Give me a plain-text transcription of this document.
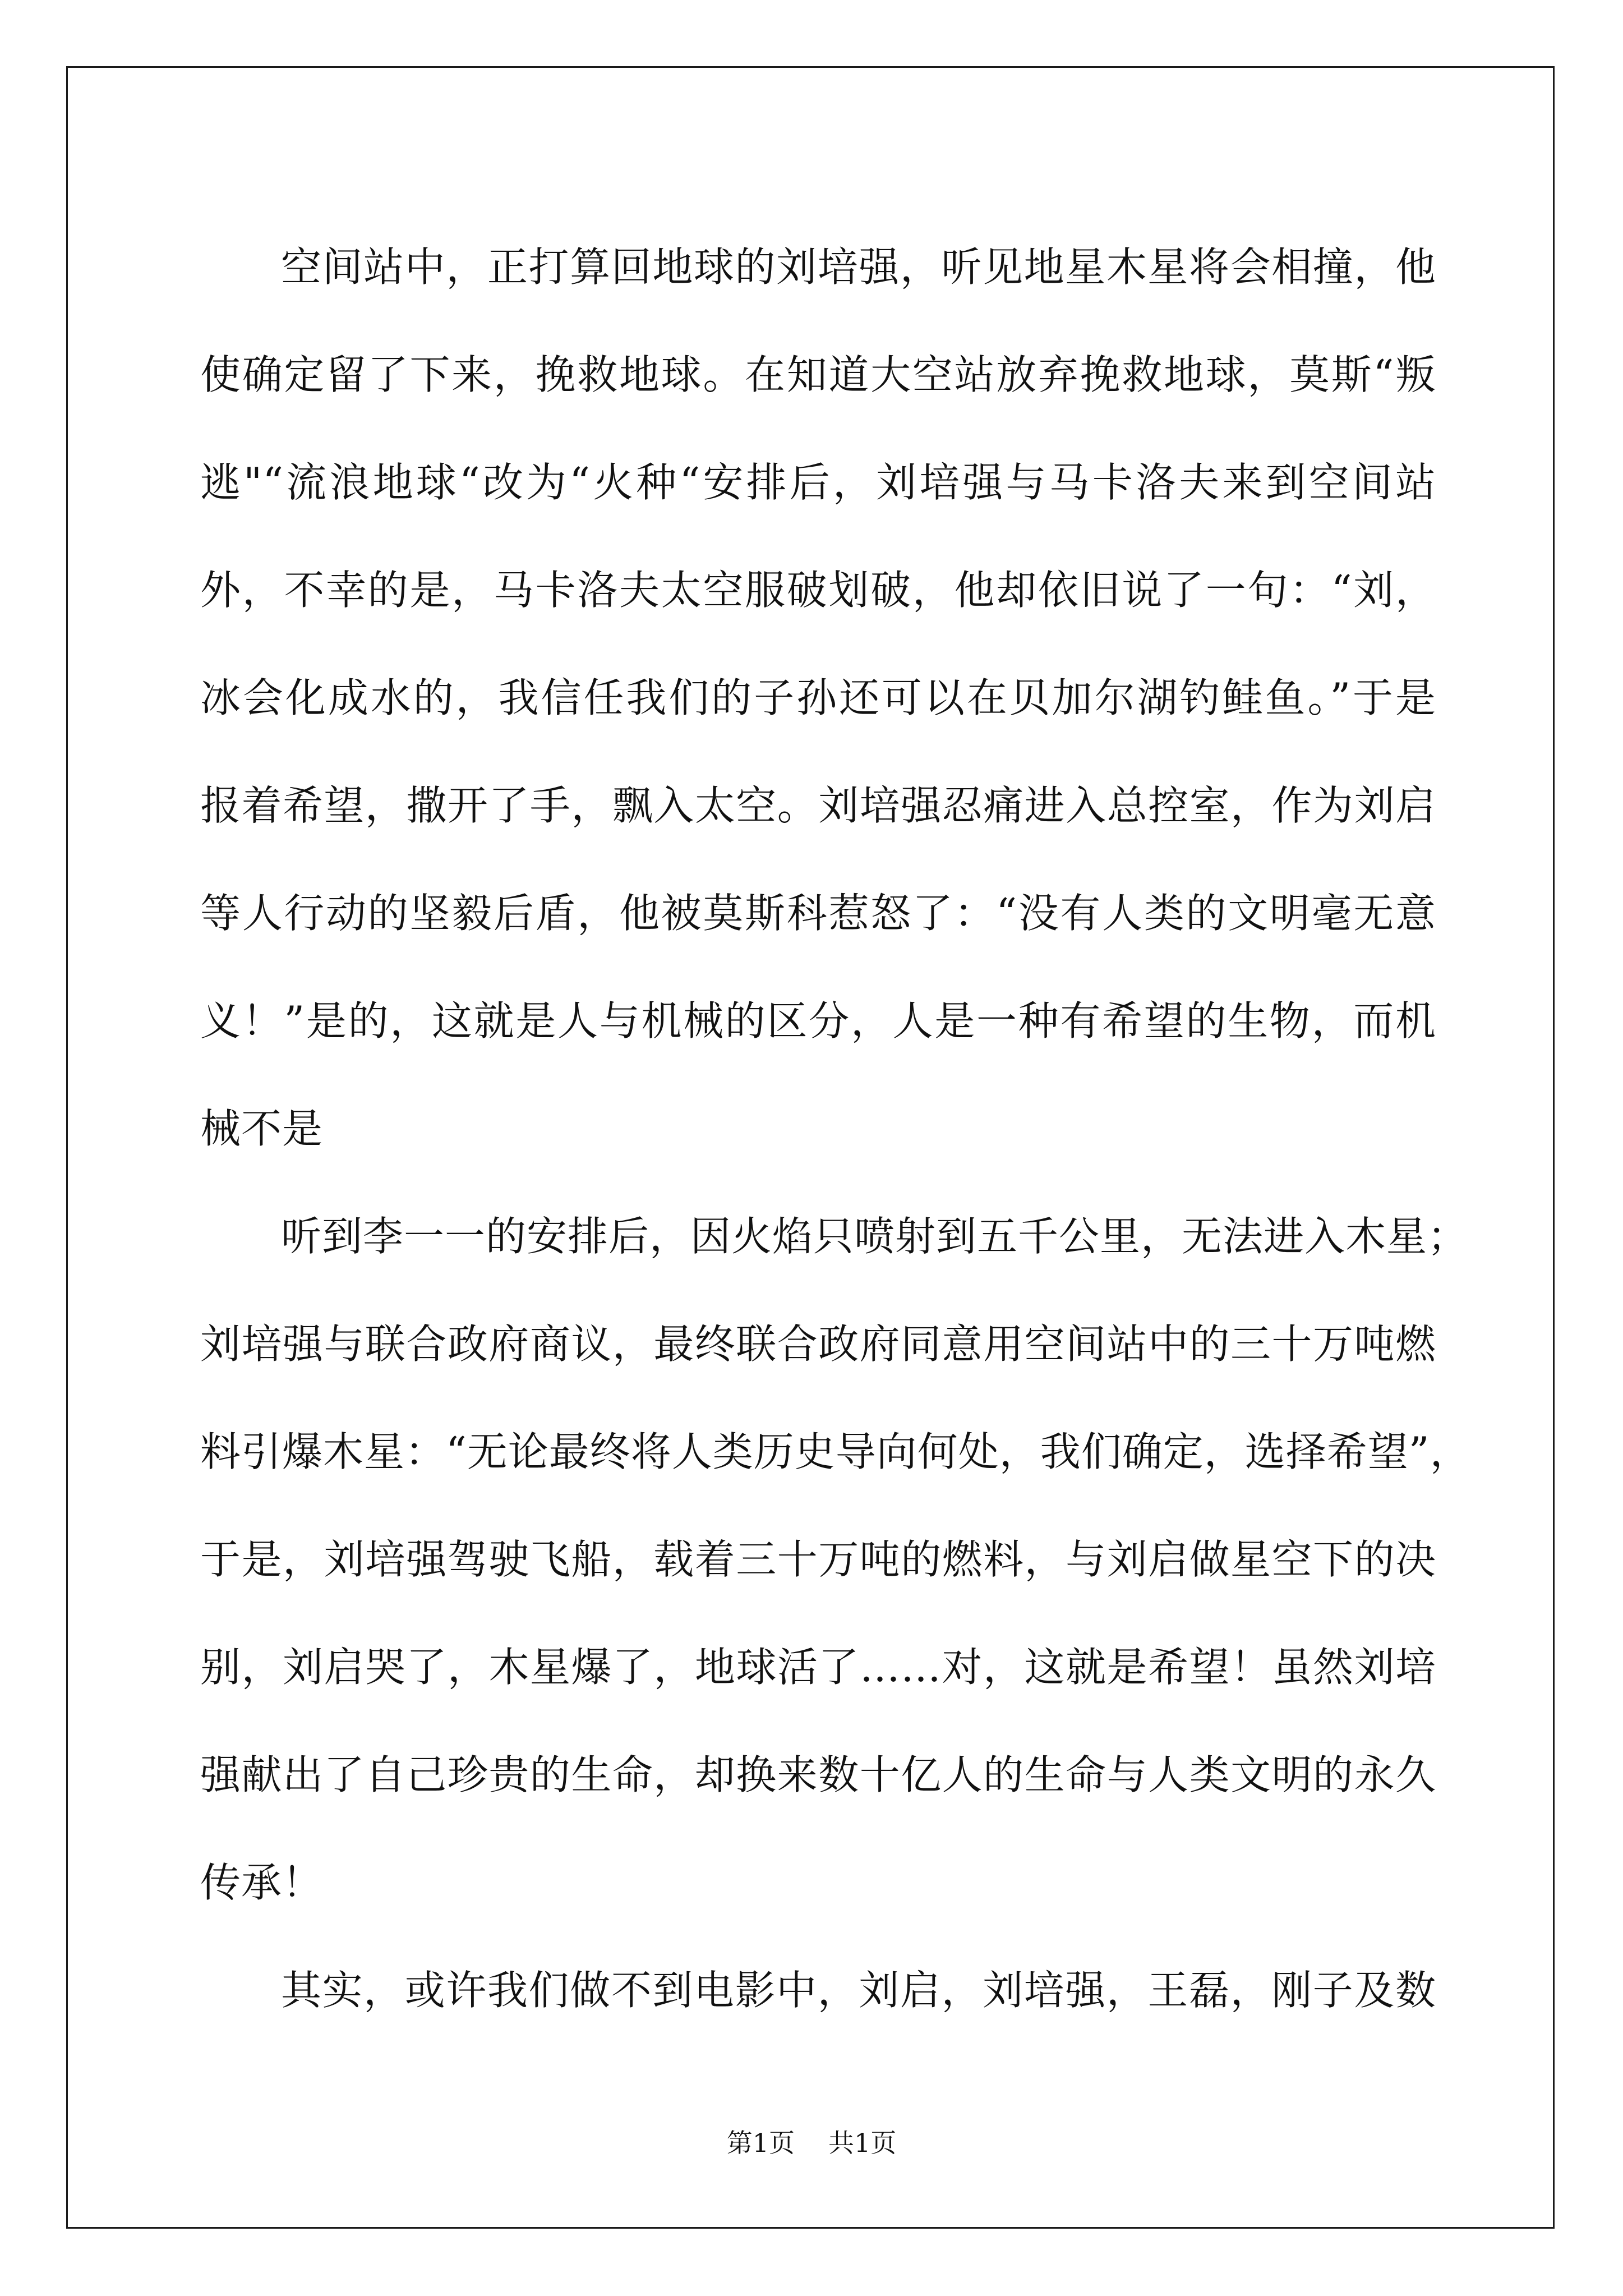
空间站中，正打算回地球的刘培强，听见地星木星将会相撞，他
使确定留了下来，挽救地球。在知道大空站放弃挽救地球，莫斯“叛
逃"“流浪地球“改为“火种“安排后，刘培强与马卡洛夫来到空间站
外，不幸的是，马卡洛夫太空服破划破，他却依旧说了一句：“刘，
冰会化成水的，我信任我们的子孙还可以在贝加尔湖钓鲑鱼。”于是
报着希望，撒开了手，飘入太空。刘培强忍痛进入总控室，作为刘启
等人行动的坚毅后盾，他被莫斯科惹怒了：“没有人类的文明毫无意
义！”是的，这就是人与机械的区分，人是一种有希望的生物，而机
械不是
听到李一一的安排后，因火焰只喷射到五千公里，无法进入木星；
刘培强与联合政府商议，最终联合政府同意用空间站中的三十万吨燃
料引爆木星：“无论最终将人类历史导向何处，我们确定，选择希望”，
于是，刘培强驾驶飞船，载着三十万吨的燃料，与刘启做星空下的决
别，刘启哭了，木星爆了，地球活了……对，这就是希望！虽然刘培
强献出了自己珍贵的生命，却换来数十亿人的生命与人类文明的永久
传承！
其实，或许我们做不到电影中，刘启，刘培强，王磊，刚子及数
第1页 共1页
